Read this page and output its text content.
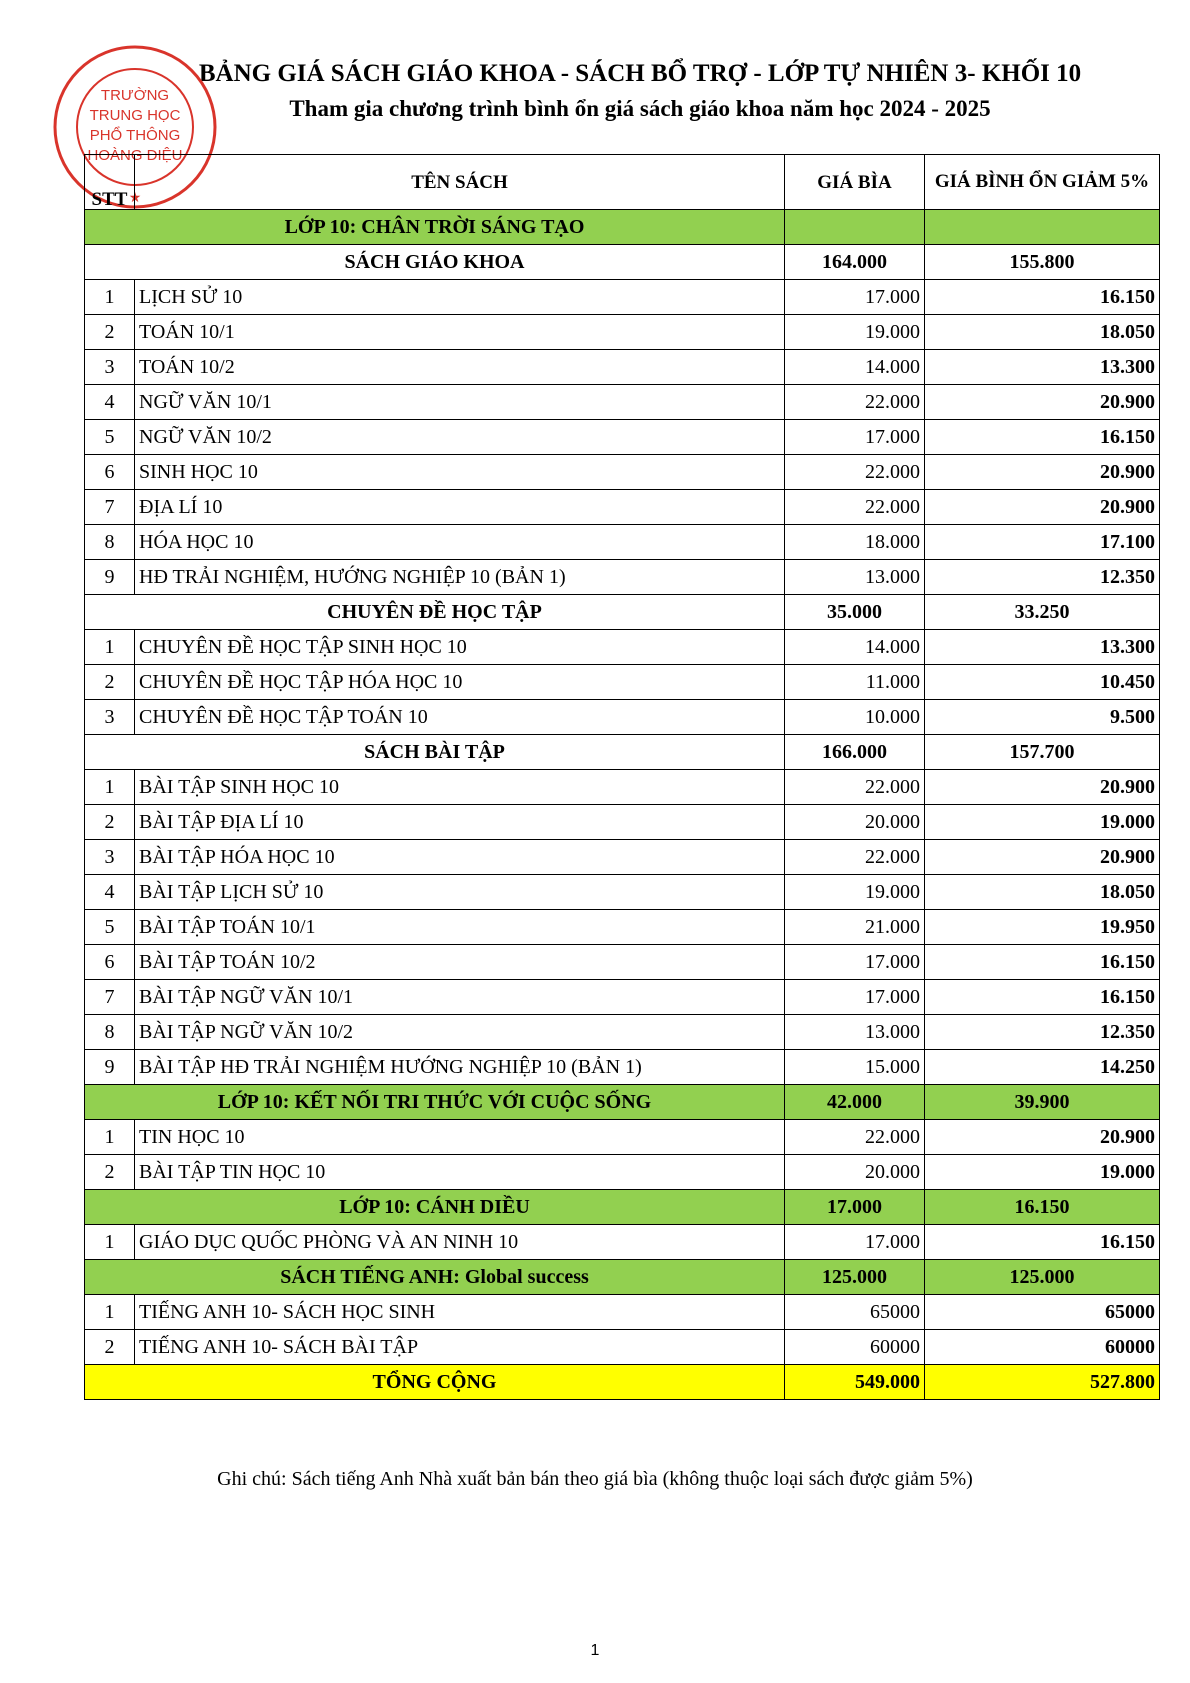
BẢNG GIÁ SÁCH GIÁO KHOA - SÁCH BỔ TRỢ - LỚP TỰ NHIÊN 3- KHỐI 10
Tham gia chương trình bình ổn giá sách giáo khoa năm học 2024 - 2025
TRƯỜNG
TRUNG HỌC
PHỔ THÔNG
HOÀNG DIỆU
★
STT	TÊN SÁCH	GIÁ BÌA	GIÁ BÌNH ỔN GIẢM 5%
LỚP 10: CHÂN TRỜI SÁNG TẠO			
SÁCH GIÁO KHOA		164.000	155.800
1	LỊCH SỬ 10	17.000	16.150
2	TOÁN 10/1	19.000	18.050
3	TOÁN 10/2	14.000	13.300
4	NGỮ VĂN 10/1	22.000	20.900
5	NGỮ VĂN 10/2	17.000	16.150
6	SINH HỌC 10	22.000	20.900
7	ĐỊA LÍ 10	22.000	20.900
8	HÓA HỌC 10	18.000	17.100
9	HĐ TRẢI NGHIỆM, HƯỚNG NGHIỆP 10 (BẢN 1)	13.000	12.350
CHUYÊN ĐỀ HỌC TẬP		35.000	33.250
1	CHUYÊN ĐỀ HỌC TẬP SINH HỌC 10	14.000	13.300
2	CHUYÊN ĐỀ HỌC TẬP HÓA HỌC 10	11.000	10.450
3	CHUYÊN ĐỀ HỌC TẬP TOÁN 10	10.000	9.500
SÁCH BÀI TẬP		166.000	157.700
1	BÀI TẬP SINH HỌC 10	22.000	20.900
2	BÀI TẬP ĐỊA LÍ 10	20.000	19.000
3	BÀI TẬP HÓA HỌC 10	22.000	20.900
4	BÀI TẬP LỊCH SỬ 10	19.000	18.050
5	BÀI TẬP TOÁN 10/1	21.000	19.950
6	BÀI TẬP TOÁN 10/2	17.000	16.150
7	BÀI TẬP NGỮ VĂN 10/1	17.000	16.150
8	BÀI TẬP NGỮ VĂN 10/2	13.000	12.350
9	BÀI TẬP HĐ TRẢI NGHIỆM HƯỚNG NGHIỆP 10 (BẢN 1)	15.000	14.250
LỚP 10: KẾT NỐI TRI THỨC VỚI CUỘC SỐNG		42.000	39.900
1	TIN HỌC 10	22.000	20.900
2	BÀI TẬP TIN HỌC 10	20.000	19.000
LỚP 10: CÁNH DIỀU		17.000	16.150
1	GIÁO DỤC QUỐC PHÒNG VÀ AN NINH 10	17.000	16.150
SÁCH TIẾNG ANH: Global success		125.000	125.000
1	TIẾNG ANH 10- SÁCH HỌC SINH	65000	65000
2	TIẾNG ANH 10- SÁCH BÀI TẬP	60000	60000
TỔNG CỘNG		549.000	527.800
Ghi chú: Sách tiếng Anh Nhà xuất bản bán theo giá bìa (không thuộc loại sách được giảm 5%)
1
